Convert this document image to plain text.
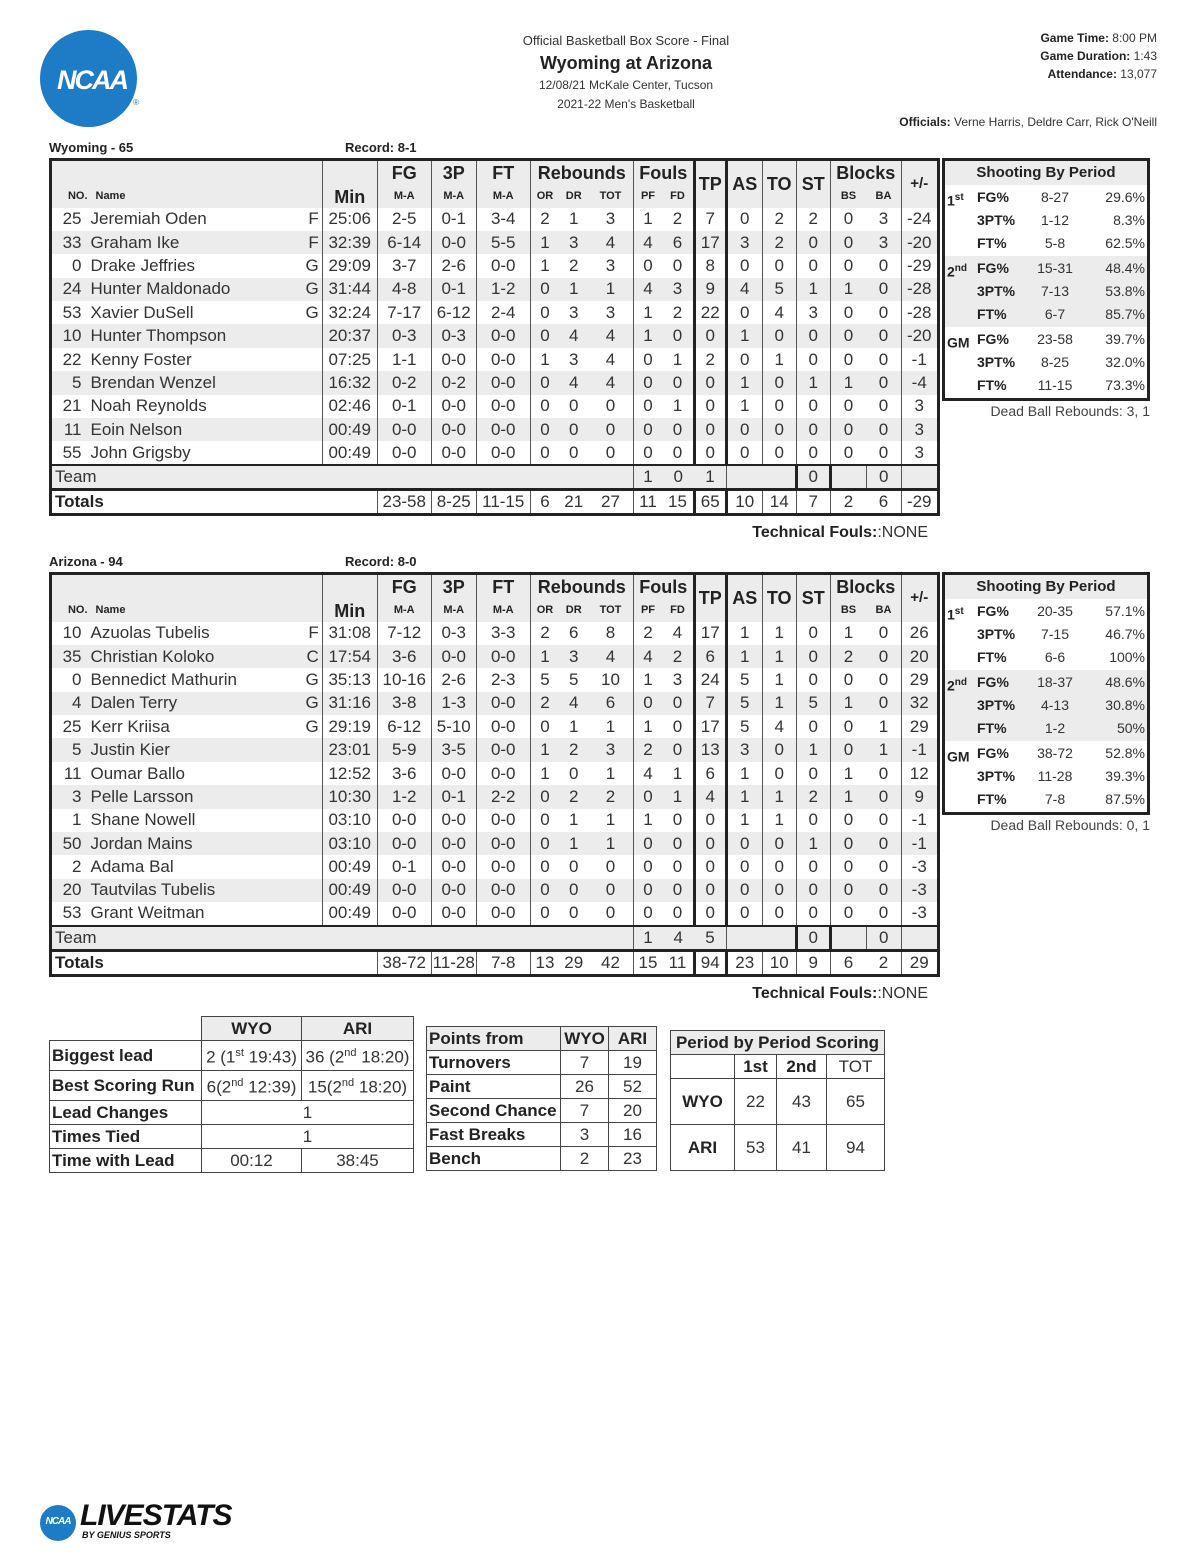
NCAA
®
Official Basketball Box Score - Final
Wyoming at Arizona
12/08/21 McKale Center, Tucson
2021-22 Men's Basketball
Game Time: 8:00 PM
Game Duration: 1:43
Attendance: 13,077
Officials: Verne Harris, Deldre Carr, Rick O'Neill
Wyoming - 65	Record: 8-1
			Min	FG	3P	FT	Rebounds			Fouls		TP	AS	TO	ST	Blocks		+/-
NO.	Name			M-A	M-A	M-A	OR	DR	TOT	PF	FD					BS	BA	
25	Jeremiah Oden	F	25:06	2-5	0-1	3-4	2	1	3	1	2	7	0	2	2	0	3	-24
33	Graham Ike	F	32:39	6-14	0-0	5-5	1	3	4	4	6	17	3	2	0	0	3	-20
0	Drake Jeffries	G	29:09	3-7	2-6	0-0	1	2	3	0	0	8	0	0	0	0	0	-29
24	Hunter Maldonado	G	31:44	4-8	0-1	1-2	0	1	1	4	3	9	4	5	1	1	0	-28
53	Xavier DuSell	G	32:24	7-17	6-12	2-4	0	3	3	1	2	22	0	4	3	0	0	-28
10	Hunter Thompson		20:37	0-3	0-3	0-0	0	4	4	1	0	0	1	0	0	0	0	-20
22	Kenny Foster		07:25	1-1	0-0	0-0	1	3	4	0	1	2	0	1	0	0	0	-1
5	Brendan Wenzel		16:32	0-2	0-2	0-0	0	4	4	0	0	0	1	0	1	1	0	-4
21	Noah Reynolds		02:46	0-1	0-0	0-0	0	0	0	0	1	0	1	0	0	0	0	3
11	Eoin Nelson		00:49	0-0	0-0	0-0	0	0	0	0	0	0	0	0	0	0	0	3
55	John Grigsby		00:49	0-0	0-0	0-0	0	0	0	0	0	0	0	0	0	0	0	3
Team										1	0	1			0		0	
Totals				23-58	8-25	11-15	6	21	27	11	15	65	10	14	7	2	6	-29
Technical Fouls::NONE
Shooting By Period
1st FG%	8-27	29.6%
3PT%	1-12	8.3%
FT%	5-8	62.5%
2nd FG%	15-31	48.4%
3PT%	7-13	53.8%
FT%	6-7	85.7%
GM FG%	23-58	39.7%
3PT%	8-25	32.0%
FT%	11-15	73.3%
Dead Ball Rebounds: 3, 1
Arizona - 94	Record: 8-0
			Min	FG	3P	FT	Rebounds			Fouls		TP	AS	TO	ST	Blocks		+/-
NO.	Name			M-A	M-A	M-A	OR	DR	TOT	PF	FD					BS	BA	
10	Azuolas Tubelis	F	31:08	7-12	0-3	3-3	2	6	8	2	4	17	1	1	0	1	0	26
35	Christian Koloko	C	17:54	3-6	0-0	0-0	1	3	4	4	2	6	1	1	0	2	0	20
0	Bennedict Mathurin	G	35:13	10-16	2-6	2-3	5	5	10	1	3	24	5	1	0	0	0	29
4	Dalen Terry	G	31:16	3-8	1-3	0-0	2	4	6	0	0	7	5	1	5	1	0	32
25	Kerr Kriisa	G	29:19	6-12	5-10	0-0	0	1	1	1	0	17	5	4	0	0	1	29
5	Justin Kier		23:01	5-9	3-5	0-0	1	2	3	2	0	13	3	0	1	0	1	-1
11	Oumar Ballo		12:52	3-6	0-0	0-0	1	0	1	4	1	6	1	0	0	1	0	12
3	Pelle Larsson		10:30	1-2	0-1	2-2	0	2	2	0	1	4	1	1	2	1	0	9
1	Shane Nowell		03:10	0-0	0-0	0-0	0	1	1	1	0	0	1	1	0	0	0	-1
50	Jordan Mains		03:10	0-0	0-0	0-0	0	1	1	0	0	0	0	0	1	0	0	-1
2	Adama Bal		00:49	0-1	0-0	0-0	0	0	0	0	0	0	0	0	0	0	0	-3
20	Tautvilas Tubelis		00:49	0-0	0-0	0-0	0	0	0	0	0	0	0	0	0	0	0	-3
53	Grant Weitman		00:49	0-0	0-0	0-0	0	0	0	0	0	0	0	0	0	0	0	-3
Team										1	4	5			0		0	
Totals				38-72	11-28	7-8	13	29	42	15	11	94	23	10	9	6	2	29
Technical Fouls::NONE
Shooting By Period
1st FG%	20-35	57.1%
3PT%	7-15	46.7%
FT%	6-6	100%
2nd FG%	18-37	48.6%
3PT%	4-13	30.8%
FT%	1-2	50%
GM FG%	38-72	52.8%
3PT%	11-28	39.3%
FT%	7-8	87.5%
Dead Ball Rebounds: 0, 1
	WYO	ARI
Biggest lead	2 (1st 19:43)	36 (2nd 18:20)
Best Scoring Run	6(2nd 12:39)	15(2nd 18:20)
Lead Changes	1	
Times Tied	1	
Time with Lead	00:12	38:45
Points from	WYO	ARI
Turnovers	7	19
Paint	26	52
Second Chance	7	20
Fast Breaks	3	16
Bench	2	23
Period by Period Scoring			
	1st	2nd	TOT
WYO	22	43	65
ARI	53	41	94
NCAA LIVESTATS
BY GENIUS SPORTS
